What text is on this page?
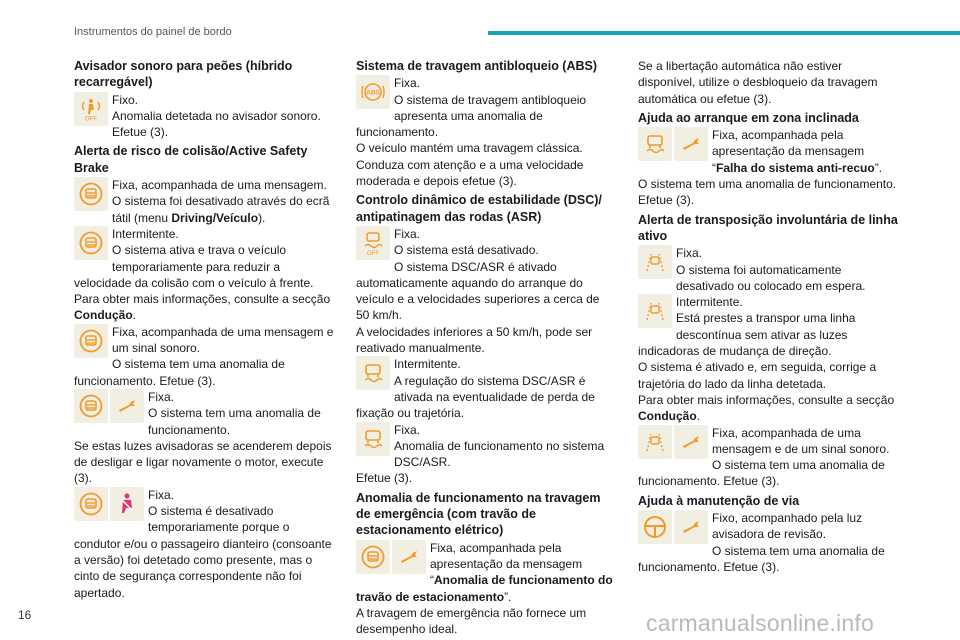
Instrumentos do painel de bordo
Avisador sonoro para peões (híbrido recarregável)
OFF

Fixo.

Anomalia detetada no avisador sonoro. Efetue (3).

Alerta de risco de colisão/Active Safety Brake

Fixa, acompanhada de uma mensagem.

O sistema foi desativado através do ecrã tátil (menu Driving/Veículo).

Intermitente.

O sistema ativa e trava o veículo temporariamente para reduzir a velocidade da colisão com o veículo à frente.

Para obter mais informações, consulte a secção Condução.

Fixa, acompanhada de uma mensagem e um sinal sonoro.

O sistema tem uma anomalia de funcionamento. Efetue (3).

Fixa.

O sistema tem uma anomalia de funcionamento.

Se estas luzes avisadoras se acenderem depois de desligar e ligar novamente o motor, execute (3).

Fixa.

O sistema é desativado temporariamente porque o condutor e/ou o passageiro dianteiro (consoante a versão) foi detetado como presente, mas o cinto de segurança correspondente não foi apertado.

Sistema de travagem antibloqueio (ABS)
ABS

Fixa.

O sistema de travagem antibloqueio apresenta uma anomalia de funcionamento.

O veículo mantém uma travagem clássica. Conduza com atenção e a uma velocidade moderada e depois efetue (3).

Controlo dinâmico de estabilidade (DSC)/ antipatinagem das rodas (ASR)
OFF

Fixa.

O sistema está desativado.

O sistema DSC/ASR é ativado automaticamente aquando do arranque do veículo e a velocidades superiores a cerca de 50 km/h.

A velocidades inferiores a 50 km/h, pode ser reativado manualmente.

Intermitente.

A regulação do sistema DSC/ASR é ativada na eventualidade de perda de fixação ou trajetória.

Fixa.

Anomalia de funcionamento no sistema DSC/ASR.

Efetue (3).

Anomalia de funcionamento na travagem de emergência (com travão de estacionamento elétrico)

Fixa, acompanhada pela apresentação da mensagem “Anomalia de funcionamento do travão de estacionamento”.

A travagem de emergência não fornece um desempenho ideal.

Se a libertação automática não estiver disponível, utilize o desbloqueio da travagem automática ou efetue (3).

Ajuda ao arranque em zona inclinada

Fixa, acompanhada pela apresentação da mensagem “Falha do sistema anti-recuo”.

O sistema tem uma anomalia de funcionamento. Efetue (3).

Alerta de transposição involuntária de linha ativo

Fixa.

O sistema foi automaticamente desativado ou colocado em espera.

Intermitente.

Está prestes a transpor uma linha descontínua sem ativar as luzes indicadoras de mudança de direção.

O sistema é ativado e, em seguida, corrige a trajetória do lado da linha detetada.

Para obter mais informações, consulte a secção Condução.

Fixa, acompanhada de uma mensagem e de um sinal sonoro.

O sistema tem uma anomalia de funcionamento. Efetue (3).

Ajuda à manutenção de via

Fixo, acompanhado pela luz avisadora de revisão.

O sistema tem uma anomalia de funcionamento. Efetue (3).

16	carmanualsonline.info
